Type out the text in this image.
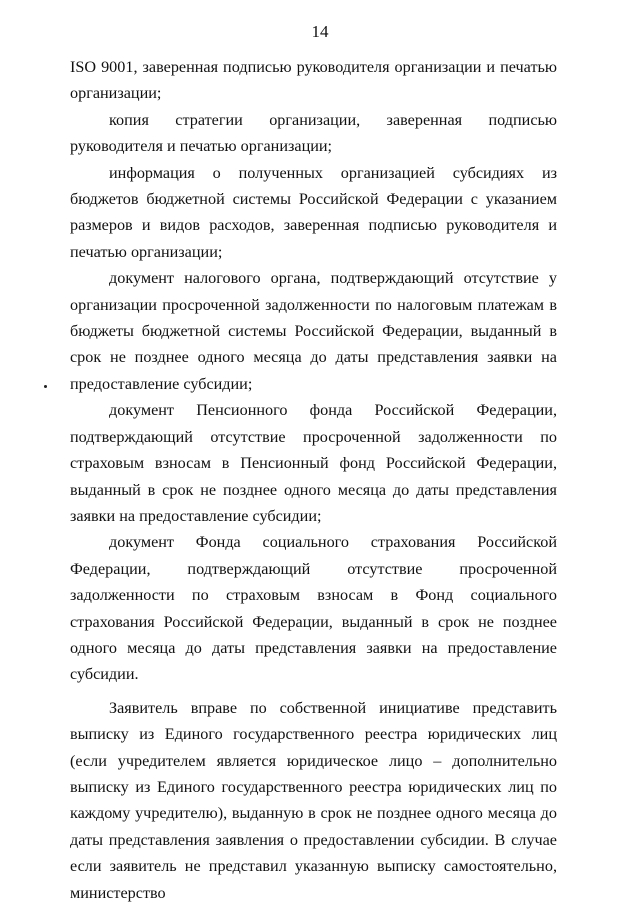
14

ISO 9001, заверенная подписью руководителя организации и печатью организации;

копия стратегии организации, заверенная подписью руководителя и печатью организации;

информация о полученных организацией субсидиях из бюджетов бюджетной системы Российской Федерации с указанием размеров и видов расходов, заверенная подписью руководителя и печатью организации;

документ налогового органа, подтверждающий отсутствие у организации просроченной задолженности по налоговым платежам в бюджеты бюджетной системы Российской Федерации, выданный в срок не позднее одного месяца до даты представления заявки на предоставление субсидии;

документ Пенсионного фонда Российской Федерации, подтверждающий отсутствие просроченной задолженности по страховым взносам в Пенсионный фонд Российской Федерации, выданный в срок не позднее одного месяца до даты представления заявки на предоставление субсидии;

документ Фонда социального страхования Российской Федерации, подтверждающий отсутствие просроченной задолженности по страховым взносам в Фонд социального страхования Российской Федерации, выданный в срок не позднее одного месяца до даты представления заявки на предоставление субсидии.

Заявитель вправе по собственной инициативе представить выписку из Единого государственного реестра юридических лиц (если учредителем является юридическое лицо – дополнительно выписку из Единого государственного реестра юридических лиц по каждому учредителю), выданную в срок не позднее одного месяца до даты представления заявления о предоставлении субсидии. В случае если заявитель не представил указанную выписку самостоятельно, министерство
